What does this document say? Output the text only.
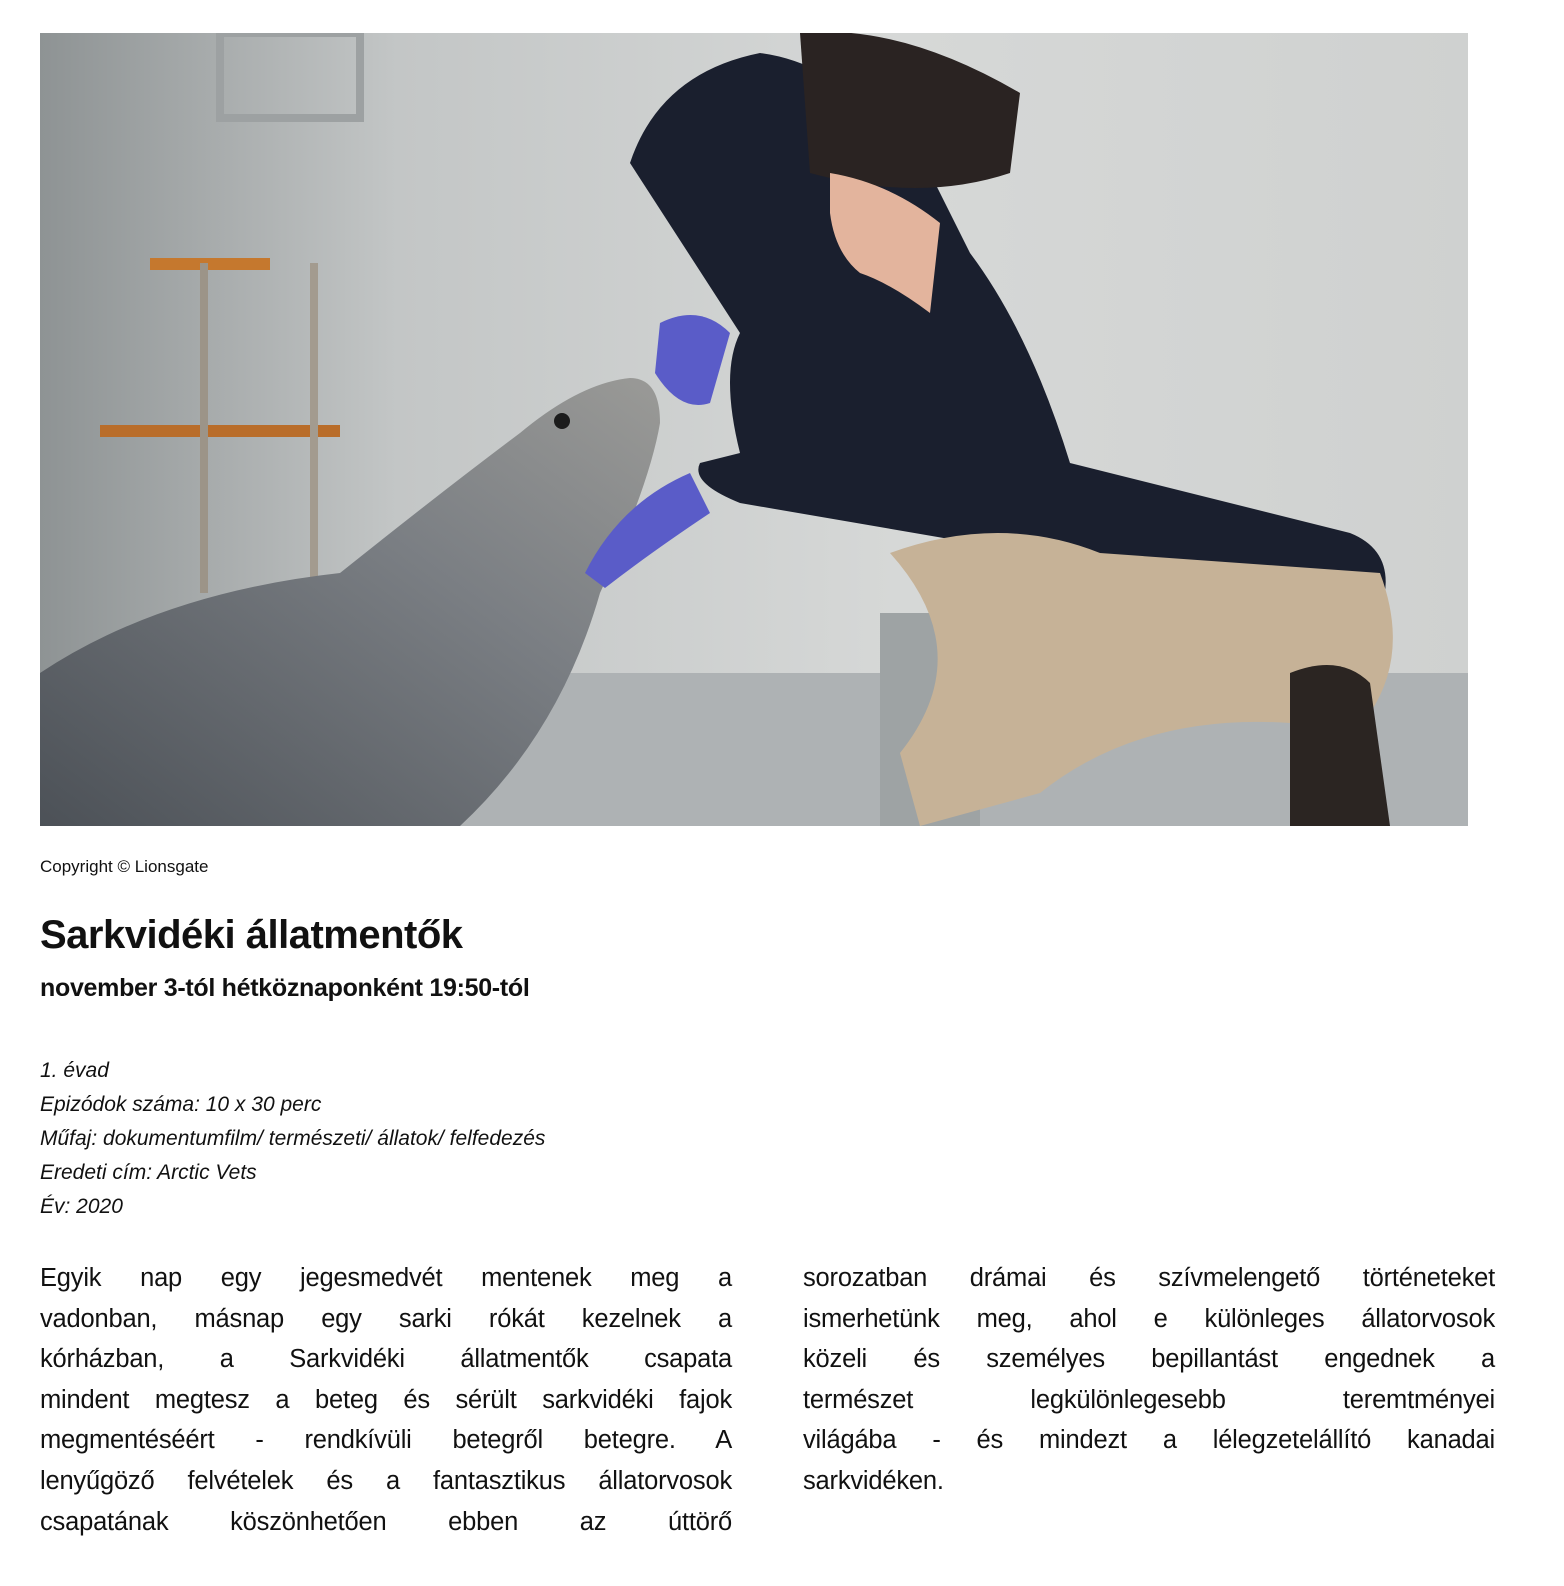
Copyright © Lionsgate
Sarkvidéki állatmentők
november 3-tól hétköznaponként 19:50-tól
1. évad
Epizódok száma: 10 x 30 perc
Műfaj: dokumentumfilm/ természeti/ állatok/ felfedezés
Eredeti cím: Arctic Vets
Év: 2020
Egyik nap egy jegesmedvét mentenek meg a
vadonban, másnap egy sarki rókát kezelnek a
kórházban, a Sarkvidéki állatmentők csapata
mindent megtesz a beteg és sérült sarkvidéki fajok
megmentéséért - rendkívüli betegről betegre. A
lenyűgöző felvételek és a fantasztikus állatorvosok
csapatának köszönhetően ebben az úttörő
sorozatban drámai és szívmelengető történeteket
ismerhetünk meg, ahol e különleges állatorvosok
közeli és személyes bepillantást engednek a
természet legkülönlegesebb teremtményei
világába - és mindezt a lélegzetelállító kanadai
sarkvidéken.
